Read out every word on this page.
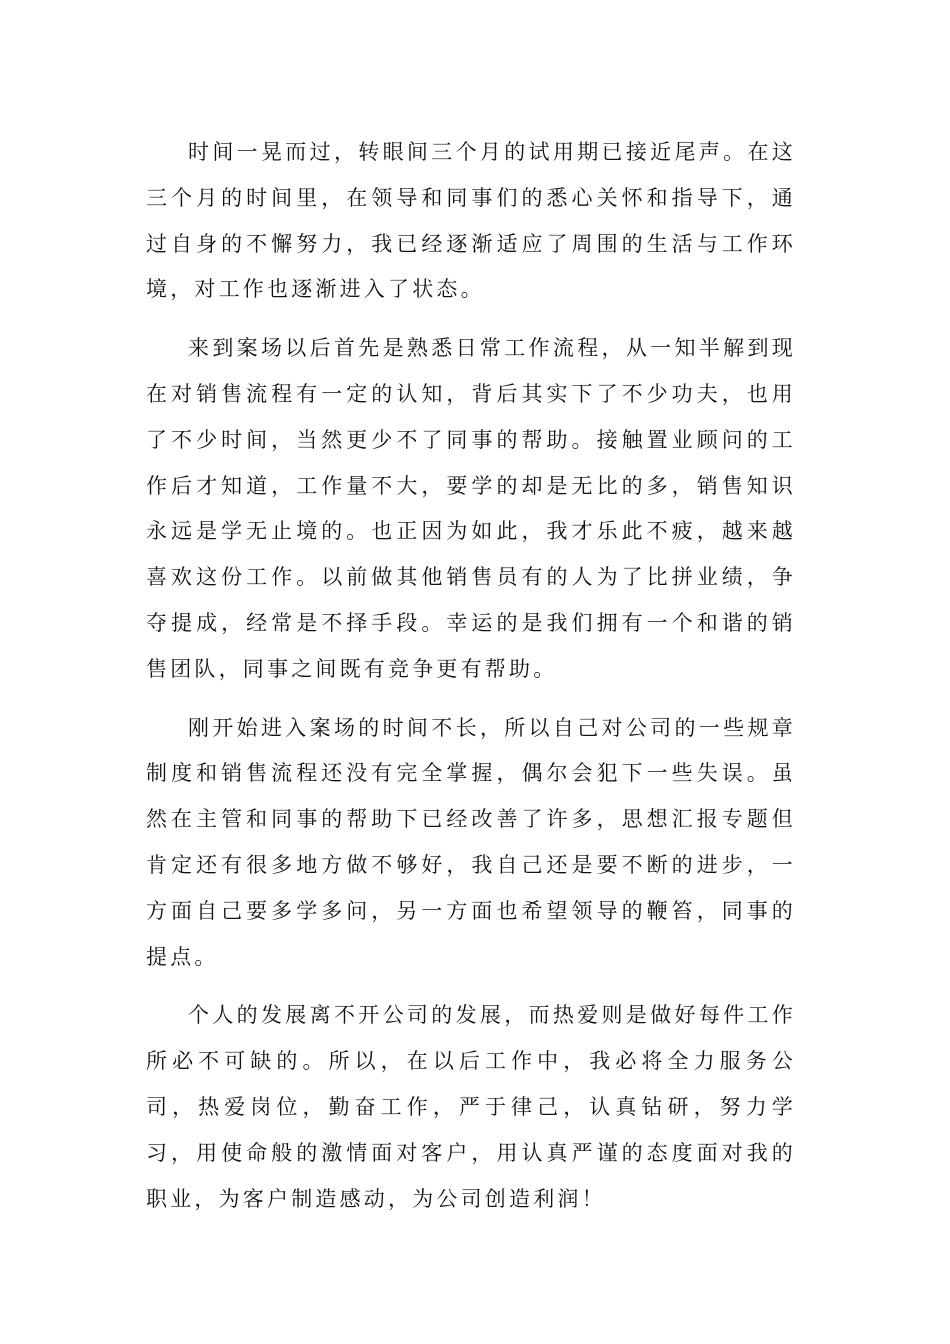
时间一晃而过，转眼间三个月的试用期已接近尾声。在这三个月的时间里，在领导和同事们的悉心关怀和指导下，通过自身的不懈努力，我已经逐渐适应了周围的生活与工作环境，对工作也逐渐进入了状态。

来到案场以后首先是熟悉日常工作流程，从一知半解到现在对销售流程有一定的认知，背后其实下了不少功夫，也用了不少时间，当然更少不了同事的帮助。接触置业顾问的工作后才知道，工作量不大，要学的却是无比的多，销售知识永远是学无止境的。也正因为如此，我才乐此不疲，越来越喜欢这份工作。以前做其他销售员有的人为了比拼业绩，争夺提成，经常是不择手段。幸运的是我们拥有一个和谐的销售团队，同事之间既有竞争更有帮助。

刚开始进入案场的时间不长，所以自己对公司的一些规章制度和销售流程还没有完全掌握，偶尔会犯下一些失误。虽然在主管和同事的帮助下已经改善了许多，思想汇报专题但肯定还有很多地方做不够好，我自己还是要不断的进步，一方面自己要多学多问，另一方面也希望领导的鞭笞，同事的提点。

个人的发展离不开公司的发展，而热爱则是做好每件工作所必不可缺的。所以，在以后工作中，我必将全力服务公司，热爱岗位，勤奋工作，严于律己，认真钻研，努力学习，用使命般的激情面对客户，用认真严谨的态度面对我的职业，为客户制造感动，为公司创造利润！
